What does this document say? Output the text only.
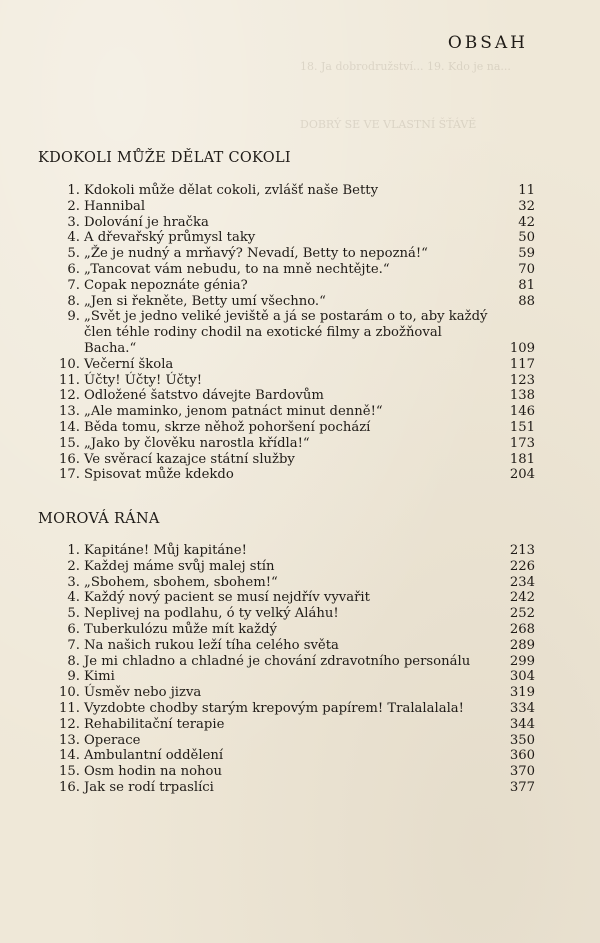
18. Ja dobrodružství... 19. Kdo je na...
DOBRÝ SE VE VLASTNÍ ŠŤÁVĚ
OBSAH
KDOKOLI MŮŽE DĚLAT COKOLI
1. Kdokoli může dělat cokoli, zvlášť naše Betty	11
2. Hannibal	32
3. Dolování je hračka	42
4. A dřevařský průmysl taky	50
5. „Že je nudný a mrňavý? Nevadí, Betty to nepozná!“	59
6. „Tancovat vám nebudu, to na mně nechtějte.“	70
7. Copak nepoznáte génia?	81
8. „Jen si řekněte, Betty umí všechno.“	88
9. „Svět je jedno veliké jeviště a já se postarám o to, aby každý člen téhle rodiny chodil na exotické filmy a zbožňoval Bacha.“	109
10. Večerní škola	117
11. Účty! Účty! Účty!	123
12. Odložené šatstvo dávejte Bardovům	138
13. „Ale maminko, jenom patnáct minut denně!“	146
14. Běda tomu, skrze něhož pohoršení pochází	151
15. „Jako by člověku narostla křídla!“	173
16. Ve svěrací kazajce státní služby	181
17. Spisovat může kdekdo	204
MOROVÁ RÁNA
1. Kapitáne! Můj kapitáne!	213
2. Každej máme svůj malej stín	226
3. „Sbohem, sbohem, sbohem!“	234
4. Každý nový pacient se musí nejdřív vyvařit	242
5. Neplivej na podlahu, ó ty velký Aláhu!	252
6. Tuberkulózu může mít každý	268
7. Na našich rukou leží tíha celého světa	289
8. Je mi chladno a chladné je chování zdravotního personálu	299
9. Kimi	304
10. Úsměv nebo jizva	319
11. Vyzdobte chodby starým krepovým papírem! Tralalalala!	334
12. Rehabilitační terapie	344
13. Operace	350
14. Ambulantní oddělení	360
15. Osm hodin na nohou	370
16. Jak se rodí trpaslíci	377
